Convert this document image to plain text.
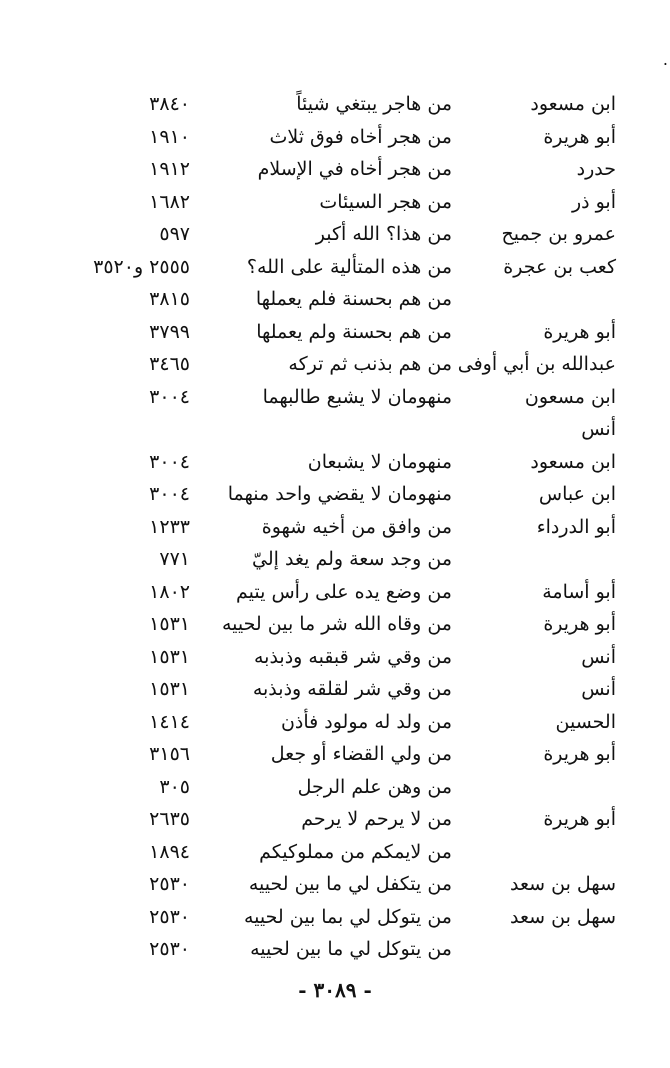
.
ابن مسعود
من هاجر يبتغي شيئاً
٣٨٤٠
أبو هريرة
من هجر أخاه فوق ثلاث
١٩١٠
حدرد
من هجر أخاه في الإسلام
١٩١٢
أبو ذر
من هجر السيئات
١٦٨٢
عمرو بن جميح
من هذا؟ الله أكبر
٥٩٧
كعب بن عجرة
من هذه المتألية على الله؟
٢٥٥٥ و٣٥٢٠
من هم بحسنة فلم يعملها
٣٨١٥
أبو هريرة
من هم بحسنة ولم يعملها
٣٧٩٩
عبدالله بن أبي أوفى
من هم بذنب ثم تركه
٣٤٦٥
ابن مسعون
منهومان لا يشبع طالبهما
٣٠٠٤
أنس
ابن مسعود
منهومان لا يشبعان
٣٠٠٤
ابن عباس
منهومان لا يقضي واحد منهما
٣٠٠٤
أبو الدرداء
من وافق من أخيه شهوة
١٢٣٣
من وجد سعة ولم يغد إليّ
٧٧١
أبو أسامة
من وضع يده على رأس يتيم
١٨٠٢
أبو هريرة
من وقاه الله شر ما بين لحييه
١٥٣١
أنس
من وقي شر قبقبه وذبذبه
١٥٣١
أنس
من وقي شر لقلقه وذبذبه
١٥٣١
الحسين
من ولد له مولود فأذن
١٤١٤
أبو هريرة
من ولي القضاء أو جعل
٣١٥٦
من وهن علم الرجل
٣٠٥
أبو هريرة
من لا يرحم لا يرحم
٢٦٣٥
من لايمكم من مملوكيكم
١٨٩٤
سهل بن سعد
من يتكفل لي ما بين لحييه
٢٥٣٠
سهل بن سعد
من يتوكل لي بما بين لحييه
٢٥٣٠
من يتوكل لي ما بين لحييه
٢٥٣٠
- ٣٠٨٩ -
